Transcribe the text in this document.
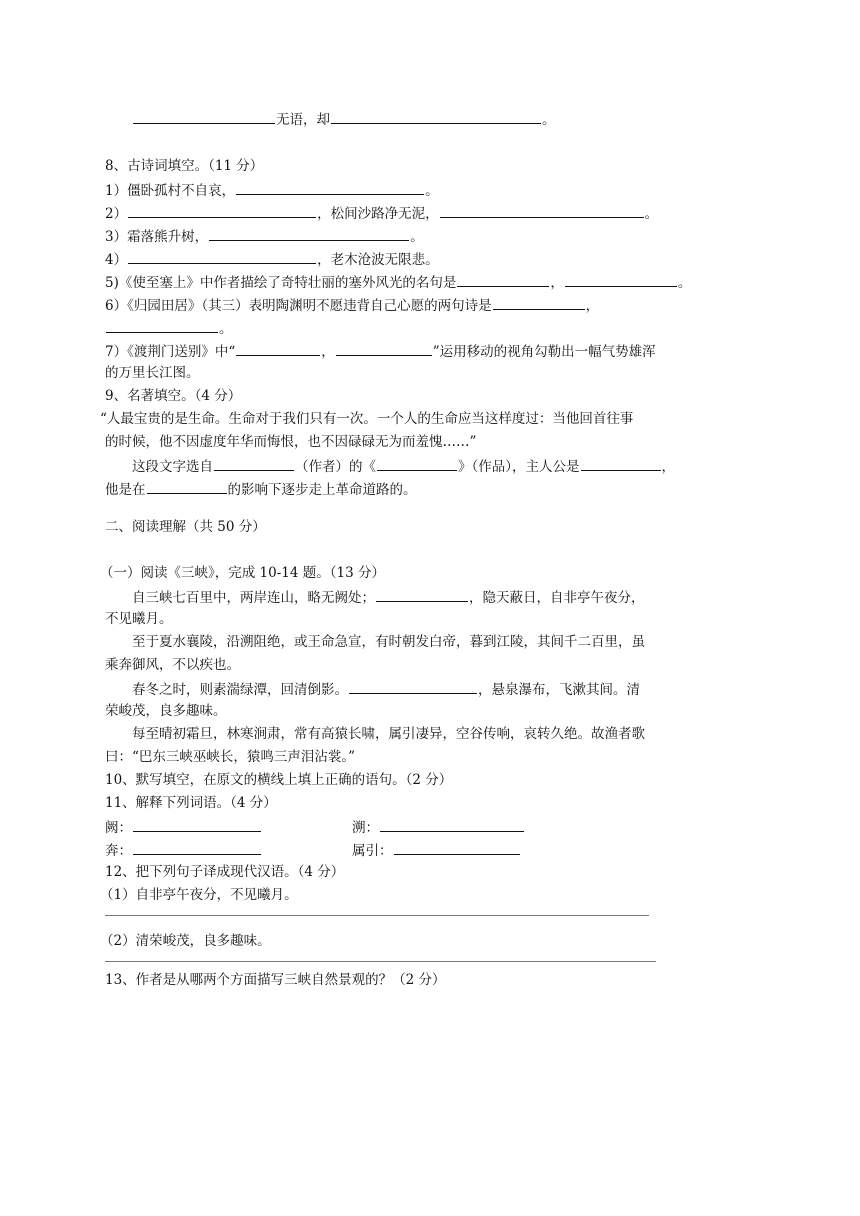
无语，却	。
8、古诗词填空。（11 分）
1）僵卧孤村不自哀，	。
2）	，松间沙路净无泥，	。
3）霜落熊升树，	。
4）	，老木沧波无限悲。
5)《使至塞上》中作者描绘了奇特壮丽的塞外风光的名句是	，	。
6）《归园田居》（其三）表明陶渊明不愿违背自己心愿的两句诗是	，
。
7）《渡荆门送别》中“	，	”运用移动的视角勾勒出一幅气势雄浑
的万里长江图。
9、名著填空。（4 分）
“人最宝贵的是生命。生命对于我们只有一次。一个人的生命应当这样度过：当他回首往事
的时候，他不因虚度年华而悔恨，也不因碌碌无为而羞愧……”
这段文字选自	（作者）的《	》（作品），主人公是	，
他是在	的影响下逐步走上革命道路的。
二、阅读理解（共 50 分）
（一）阅读《三峡》，完成 10-14 题。（13 分）
自三峡七百里中，两岸连山，略无阙处；	，隐天蔽日，自非亭午夜分，
不见曦月。
至于夏水襄陵，沿溯阻绝，或王命急宣，有时朝发白帝，暮到江陵，其间千二百里，虽
乘奔御风，不以疾也。
春冬之时，则素湍绿潭，回清倒影。	，悬泉瀑布，飞漱其间。清
荣峻茂，良多趣味。
每至晴初霜旦，林寒涧肃，常有高猿长啸，属引凄异，空谷传响，哀转久绝。故渔者歌
曰：“巴东三峡巫峡长，猿鸣三声泪沾裳。”
10、默写填空，在原文的横线上填上正确的语句。（2 分）
11、解释下列词语。（4 分）
阙：	溯：
奔：	属引：
12、把下列句子译成现代汉语。（4 分）
（1）自非亭午夜分，不见曦月。
（2）清荣峻茂，良多趣味。
13、作者是从哪两个方面描写三峡自然景观的？（2 分）
